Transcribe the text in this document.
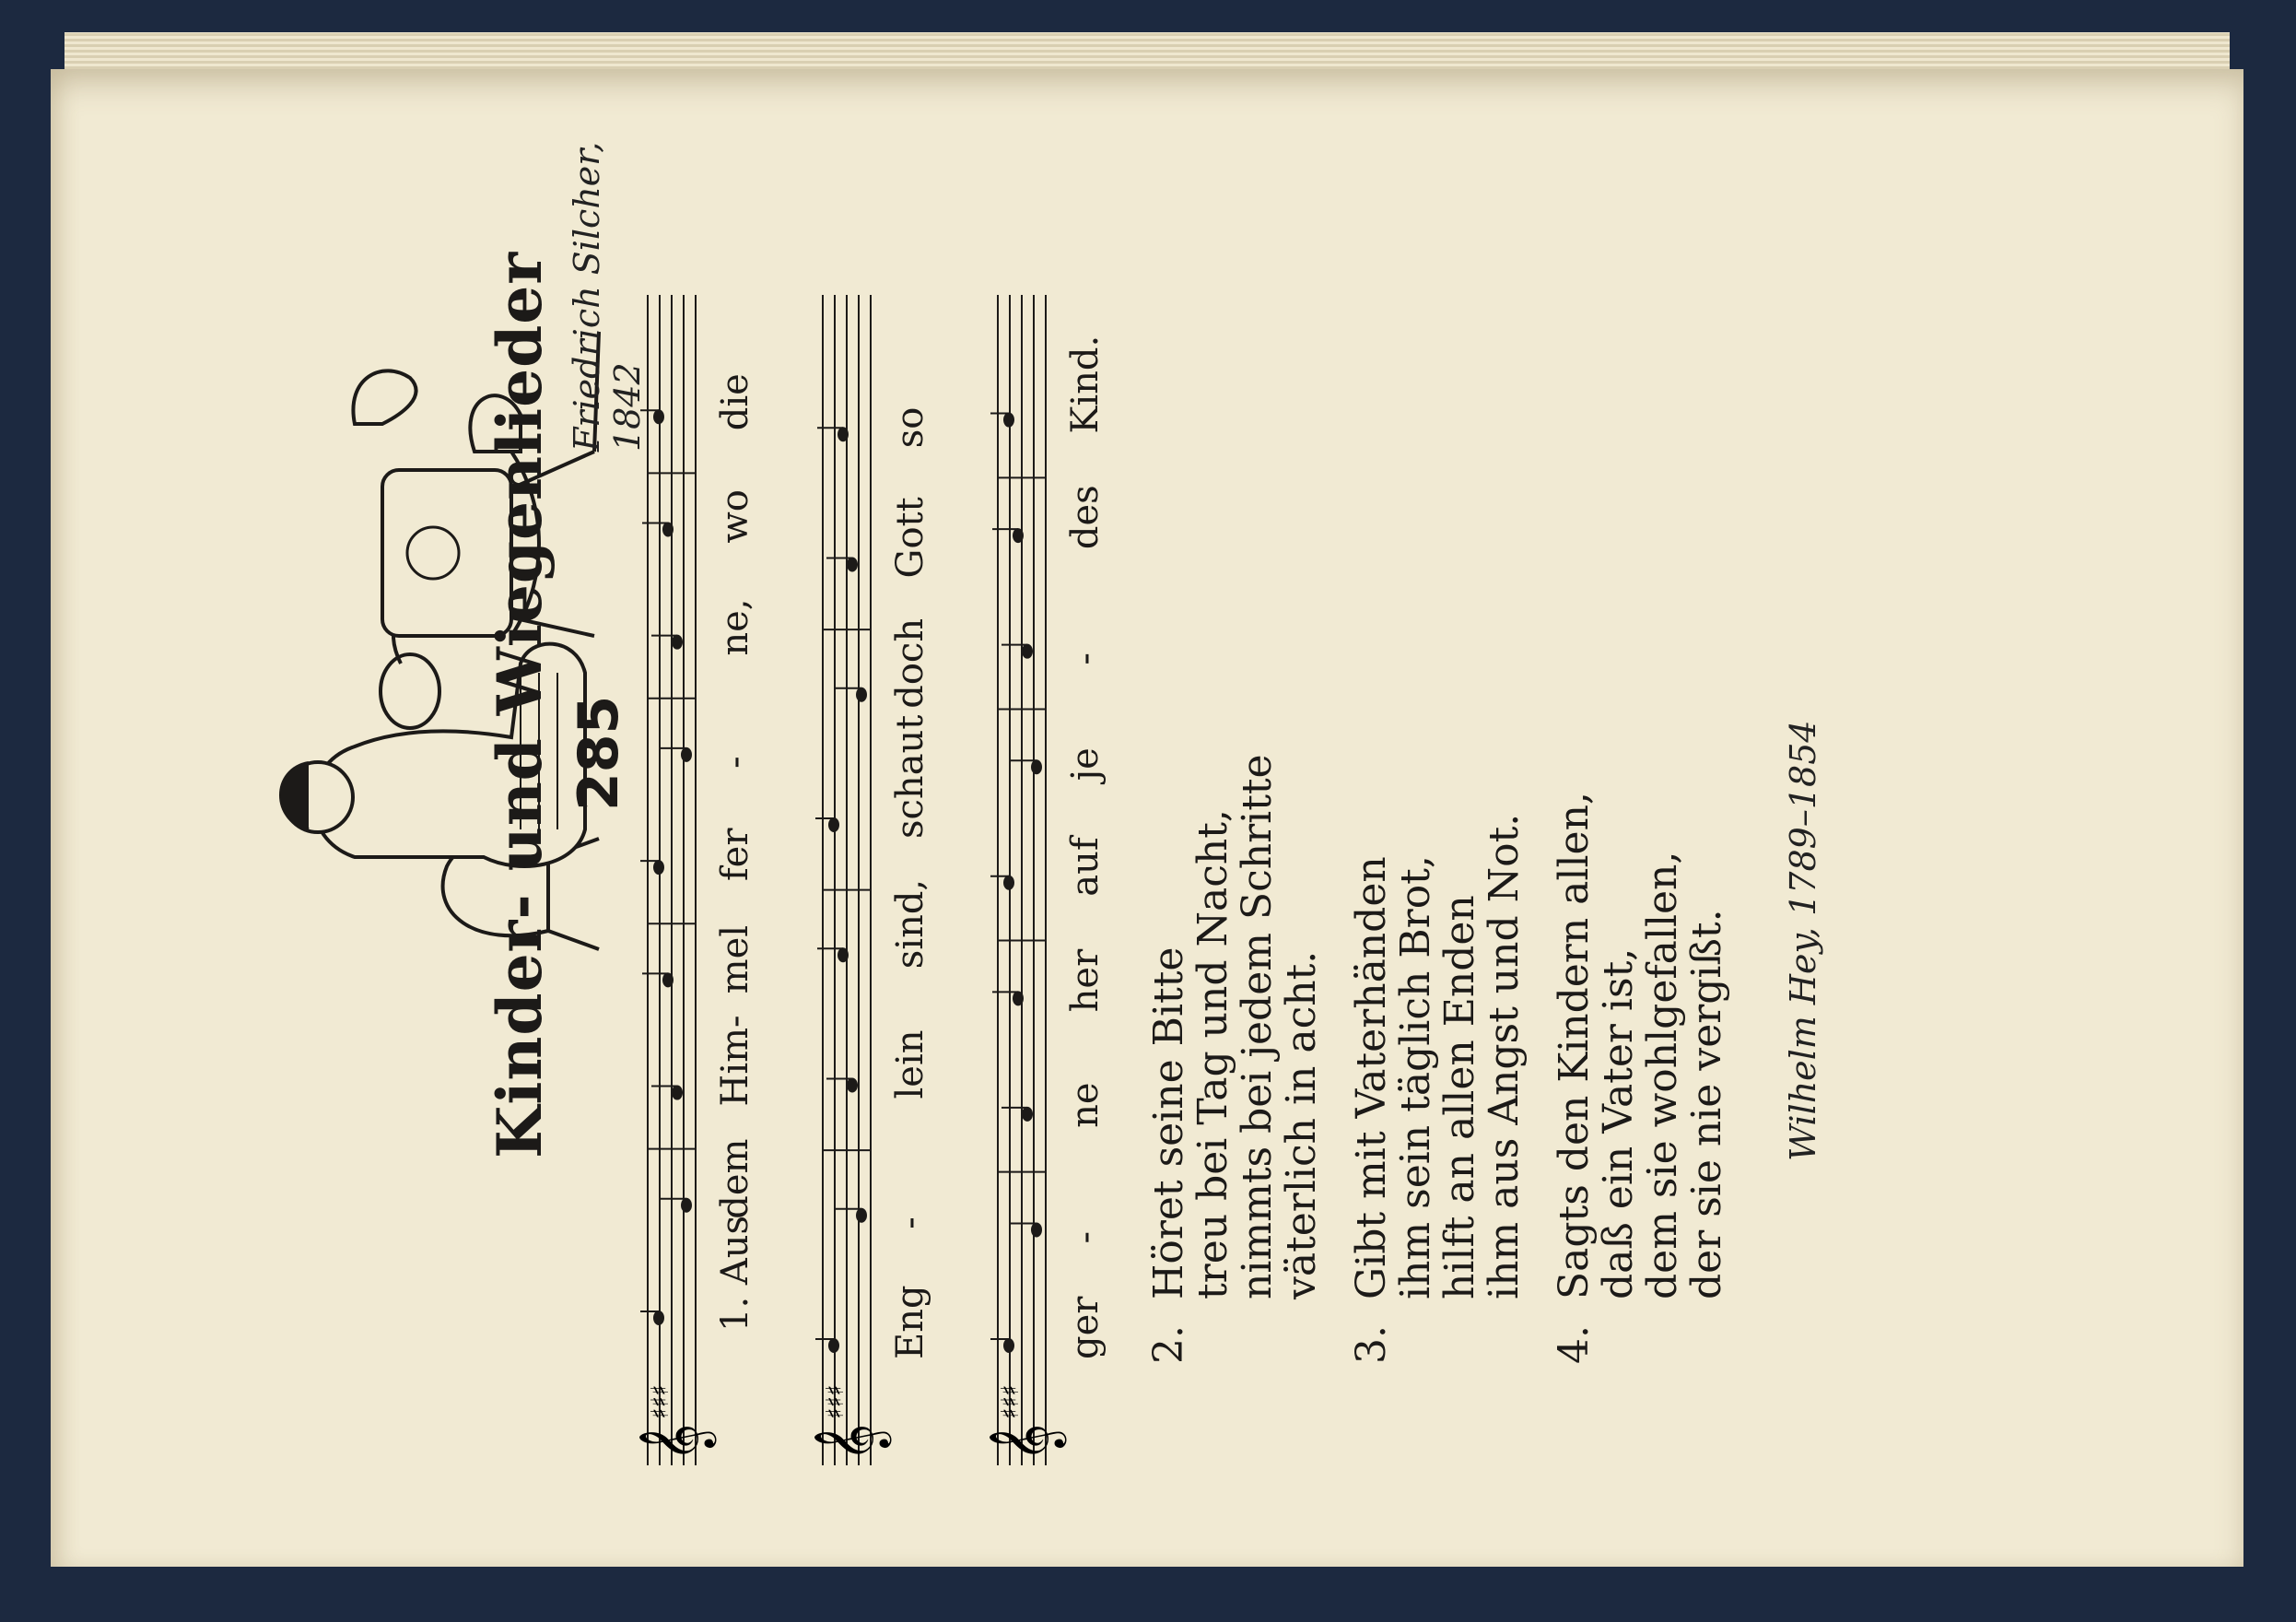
Kinder- und Wiegenlieder 285
Friedrich Silcher, 1842
𝄞
♯♯♯
1. Aus
dem
Him-
mel
fer
-
ne,
wo
die
𝄞
♯♯♯
Eng
-
lein
sind,
schaut
doch
Gott
so
𝄞
♯♯♯
ger
-
ne
her
auf
je
-
des
Kind.
2.
Höret seine Bitte
treu bei Tag und Nacht,
nimmts bei jedem Schritte
väterlich in acht.
3.
Gibt mit Vaterhänden
ihm sein täglich Brot,
hilft an allen Enden
ihm aus Angst und Not.
4.
Sagts den Kindern allen,
daß ein Vater ist,
dem sie wohlgefallen,
der sie nie vergißt. Wilhelm Hey, 1789–1854
